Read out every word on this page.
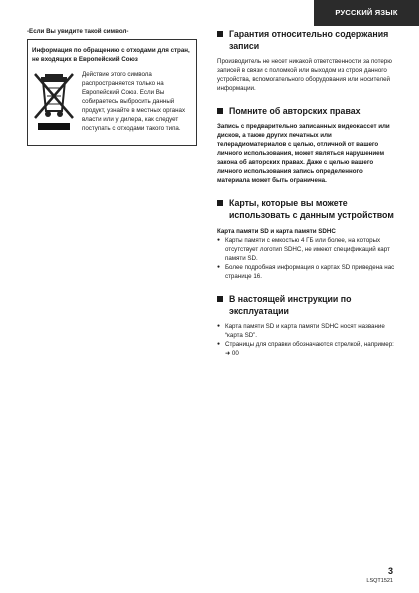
РУССКИЙ ЯЗЫК
-Если Вы увидите такой символ-
Информация по обращению с отходами для стран, не входящих в Европейский Союз
Действие этого символа распространяется только на Европейский Союз. Если Вы собираетесь выбросить данный продукт, узнайте в местных органах власти или у дилера, как следует поступать с отходами такого типа.
Гарантия относительно содержания записи
Производитель не несет никакой ответственности за потерю записей в связи с поломкой или выходом из строя данного устройства, вспомогательного оборудования или носителей информации.
Помните об авторских правах
Запись с предварительно записанных видеокассет или дисков, а также других печатных или телерадиоматериалов с целью, отличной от вашего личного использования, может являться нарушением закона об авторских правах. Даже с целью вашего личного использования запись определенного материала может быть ограничена.
Карты, которые вы можете использовать с данным устройством
Карта памяти SD и карта памяти SDHC
● Карты памяти с емкостью 4 ГБ или более, на которых отсутствует логотип SDHC, не имеют спецификаций карт памяти SD.
● Более подробная информация о картах SD приведена нас странице 16.
В настоящей инструкции по эксплуатации
● Карта памяти SD и карта памяти SDHC носят название “карта SD”.
● Страницы для справки обозначаются стрелкой, например: ➜ 00
3
LSQT1521
